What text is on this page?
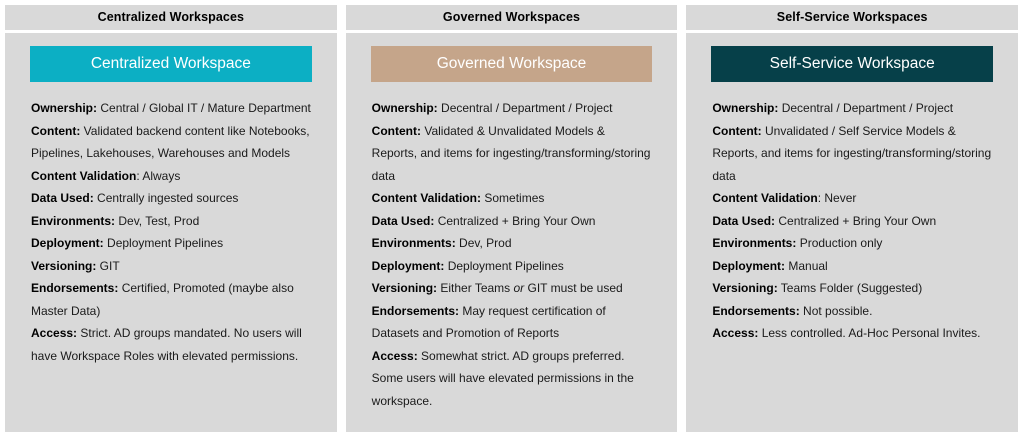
Centralized Workspaces
Centralized Workspace

Ownership: Central / Global IT / Mature Department

Content: Validated backend content like Notebooks, Pipelines, Lakehouses, Warehouses and Models

Content Validation: Always

Data Used: Centrally ingested sources

Environments: Dev, Test, Prod

Deployment: Deployment Pipelines

Versioning: GIT

Endorsements: Certified, Promoted (maybe also Master Data)

Access: Strict. AD groups mandated. No users will have Workspace Roles with elevated permissions.

Governed Workspaces
Governed Workspace

Ownership: Decentral / Department / Project

Content: Validated & Unvalidated Models & Reports, and items for ingesting/transforming/storing data

Content Validation: Sometimes

Data Used: Centralized + Bring Your Own

Environments: Dev, Prod

Deployment: Deployment Pipelines

Versioning: Either Teams or GIT must be used

Endorsements: May request certification of Datasets and Promotion of Reports

Access: Somewhat strict. AD groups preferred. Some users will have elevated permissions in the workspace.

Self-Service Workspaces
Self-Service Workspace

Ownership: Decentral / Department / Project

Content: Unvalidated / Self Service Models & Reports, and items for ingesting/transforming/storing data

Content Validation: Never

Data Used: Centralized + Bring Your Own

Environments: Production only

Deployment: Manual

Versioning: Teams Folder (Suggested)

Endorsements: Not possible.

Access: Less controlled. Ad-Hoc Personal Invites.
